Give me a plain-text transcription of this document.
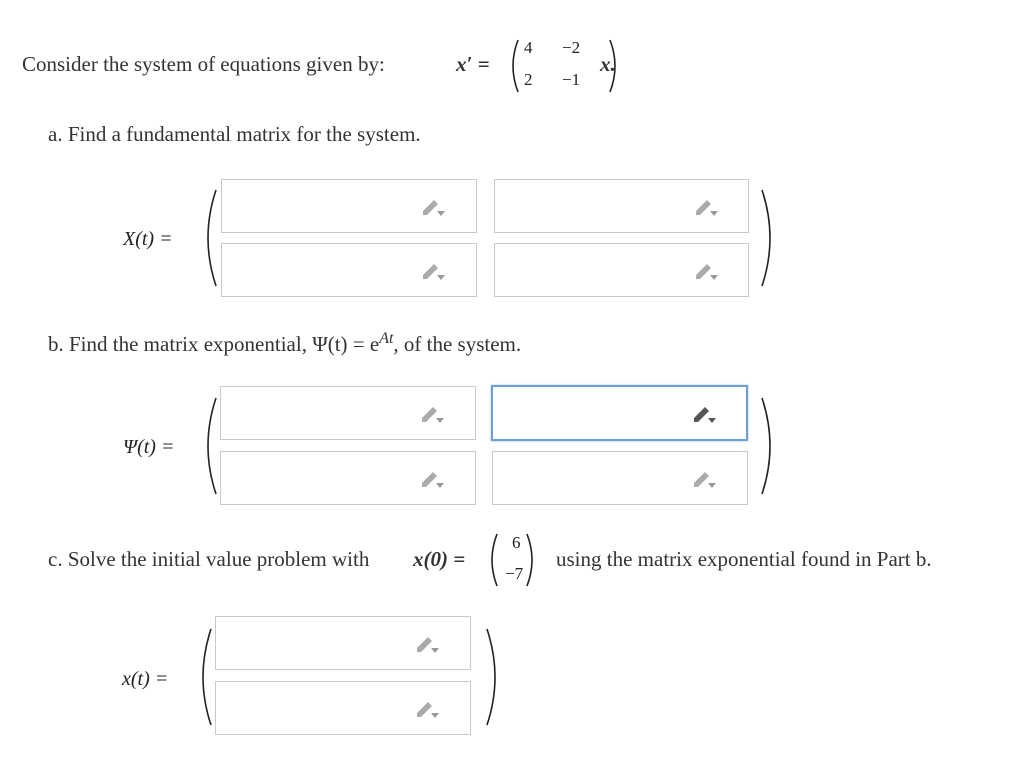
Consider the system of equations given by:	x′ =
4 −2
2 −1
x.
a. Find a fundamental matrix for the system.
X(t) =
b. Find the matrix exponential, $\Psi(t) = e^{At}$, of the system.
Ψ(t) =
c. Solve the initial value problem with x(0) =
6
−7
using the matrix exponential found in Part b.
x(t) =
